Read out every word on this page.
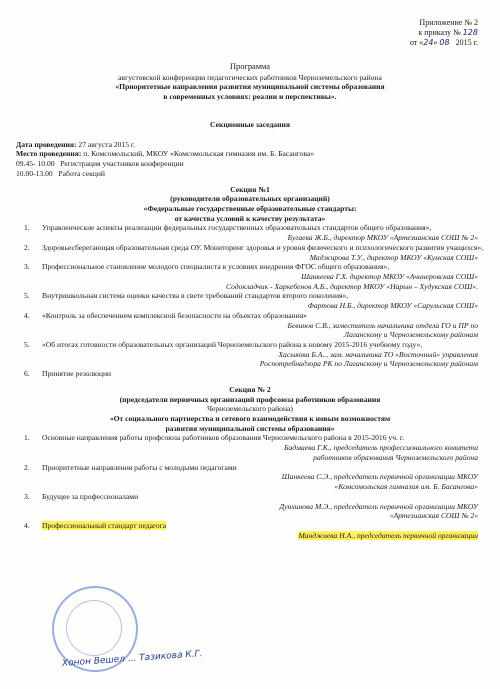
Приложение № 2
к приказу № 128
от «24» 08 2015 г.
Программа
августовской конференции педагогических работников Черноземельского района
«Приоритетные направления развития муниципальной системы образования
в современных условиях: реалии и перспективы».
Секционные заседания
Дата проведения: 27 августа 2015 г.
Место проведения: п. Комсомольский, МКОУ «Комсомольская гимназия им. Б. Басангова»
09.45- 10.00 Регистрация участников конференции
10.00-13.00 Работа секций
Секция №1
(руководители образовательных организаций)
«Федеральные государственные образовательные стандарты:
от качества условий к качеству результата»
1. Управленческие аспекты реализации федеральных государственных образовательных стандартов общего образования»,
Бугаева Ж.Б., директор МКОУ «Артезианская СОШ № 2»
2. Здоровьесберегающая образовательная среда ОУ. Мониторинг здоровья и уровня физического и психологического развития учащихся»,
Маджирова Т.У., директор МКОУ «Кумская СОШ»
3. Профессиональное становление молодого специалиста в условиях внедрения ФГОС общего образования»,
Шанкеева Г.Х. директор МКОУ «Ачинеровская СОШ»
Содокладчик - Харкебенов А.Б., директор МКОУ «Нарын – Худукская СОШ».
5. Внутришкольная система оценки качества в свете требований стандартов второго поколения»,
Фартова Н.Б., директор МКОУ «Сарульская СОШ»
4. «Контроль за обеспечением комплексной безопасности на объектах образования»
Бевинов С.В., заместитель начальника отдела ГО и ПР по
Лаганскому и Черноземельскому районам
5. «Об итогах готовности образовательных организаций Черноземельского района к новому 2015-2016 учебному году»,
Хасыкова Б.А.., зам. начальника ТО «Восточный» управления
Роспотребнадзора РК по Лаганскому и Черноземельскому районам
6. Принятие резолюции
Секция № 2
(председатели первичных организаций профсоюза работников образования
Черноземельского района)
«От социального партнерства и сетевого взаимодействия к новым возможностям
развития муниципальной системы образования»
1. Основные направления работы профсоюза работников образования Черноземельского района в 2015-2016 уч. г.
Бадмаева Г.К., председатель профессионального комитета
работников образования Черноземельского района
2. Приоритетные направления работы с молодыми педагогами
Шанкеева С.Э., председатель первичной организации МКОУ
«Комсомольская гимназия им. Б. Басангова»
3. Будущее за профессионалами
Дунхинова М.Э., председатель первичной организации МКОУ
«Артезианская СОШ № 2»
4. Профессиональный стандарт педагога
Манджиева Н.А., председатель первичной организации
Хонон Вешел ... Тазикова К.Г.
